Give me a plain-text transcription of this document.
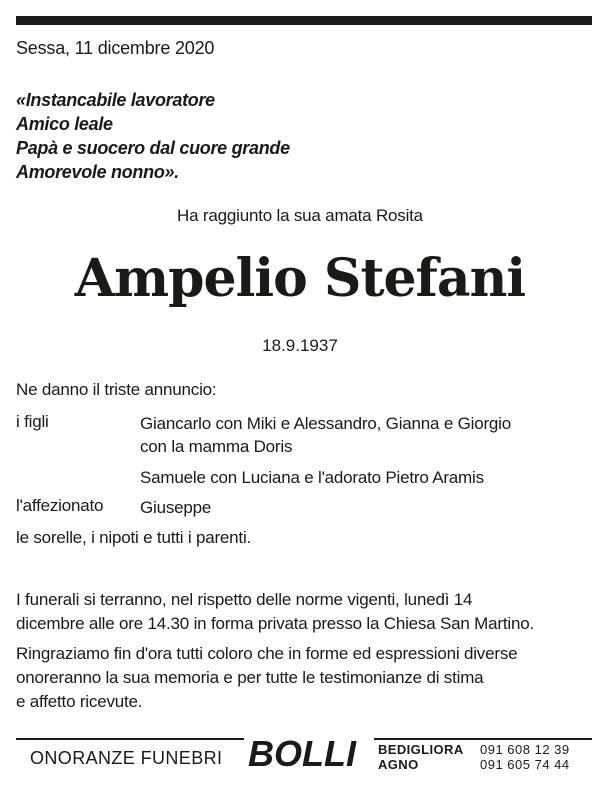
Sessa, 11 dicembre 2020
«Instancabile lavoratore
Amico leale
Papà e suocero dal cuore grande
Amorevole nonno».
Ha raggiunto la sua amata Rosita
Ampelio Stefani
18.9.1937
Ne danno il triste annuncio:
i figli	Giancarlo con Miki e Alessandro, Gianna e Giorgio
con la mamma Doris
Samuele con Luciana e l'adorato Pietro Aramis
l'affezionato Giuseppe
le sorelle, i nipoti e tutti i parenti.
I funerali si terranno, nel rispetto delle norme vigenti, lunedì 14
dicembre alle ore 14.30 in forma privata presso la Chiesa San Martino.
Ringraziamo fin d'ora tutti coloro che in forme ed espressioni diverse
onoreranno la sua memoria e per tutte le testimonianze di stima
e affetto ricevute.
ONORANZE FUNEBRI BOLLI BEDIGLIORA
AGNO
091 608 12 39
091 605 74 44
